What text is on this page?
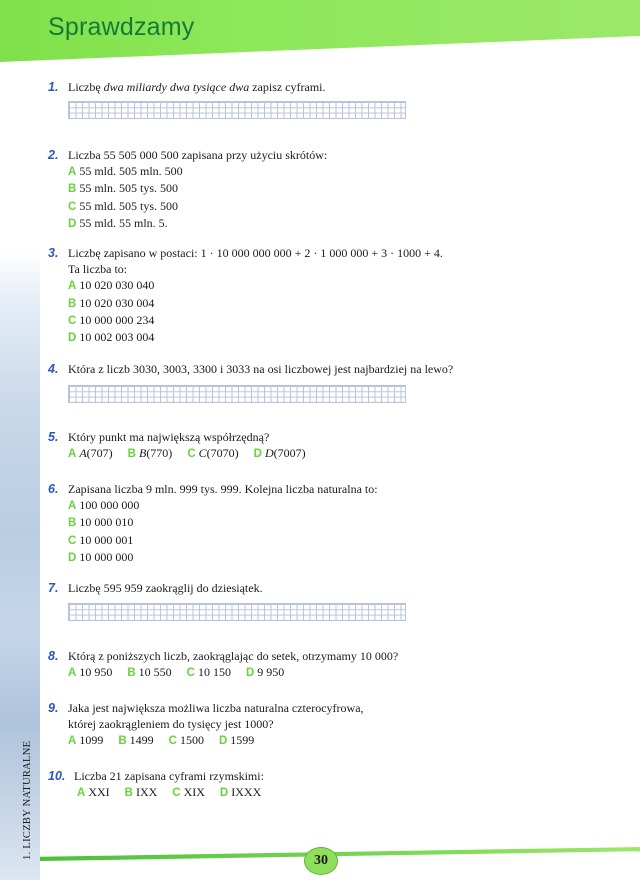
Sprawdzamy
1. LICZBY NATURALNE
1. Liczbę dwa miliardy dwa tysiące dwa zapisz cyframi.
2. Liczba 55 505 000 500 zapisana przy użyciu skrótów:
A 55 mld. 505 mln. 500
B 55 mln. 505 tys. 500
C 55 mld. 505 tys. 500
D 55 mld. 55 mln. 5.
3. Liczbę zapisano w postaci: 1 · 10 000 000 000 + 2 · 1 000 000 + 3 · 1000 + 4.
Ta liczba to:
A 10 020 030 040
B 10 020 030 004
C 10 000 000 234
D 10 002 003 004
4. Która z liczb 3030, 3003, 3300 i 3033 na osi liczbowej jest najbardziej na lewo?
5. Który punkt ma największą współrzędną?
A A(707) B B(770) C C(7070) D D(7007)
6. Zapisana liczba 9 mln. 999 tys. 999. Kolejna liczba naturalna to:
A 100 000 000
B 10 000 010
C 10 000 001
D 10 000 000
7. Liczbę 595 959 zaokrąglij do dziesiątek.
8. Którą z poniższych liczb, zaokrąglając do setek, otrzymamy 10 000?
A 10 950 B 10 550 C 10 150 D 9 950
9. Jaka jest największa możliwa liczba naturalna czterocyfrowa,
której zaokrągleniem do tysięcy jest 1000?
A 1099 B 1499 C 1500 D 1599
10. Liczba 21 zapisana cyframi rzymskimi:
A XXI B IXX C XIX D IXXX
30
